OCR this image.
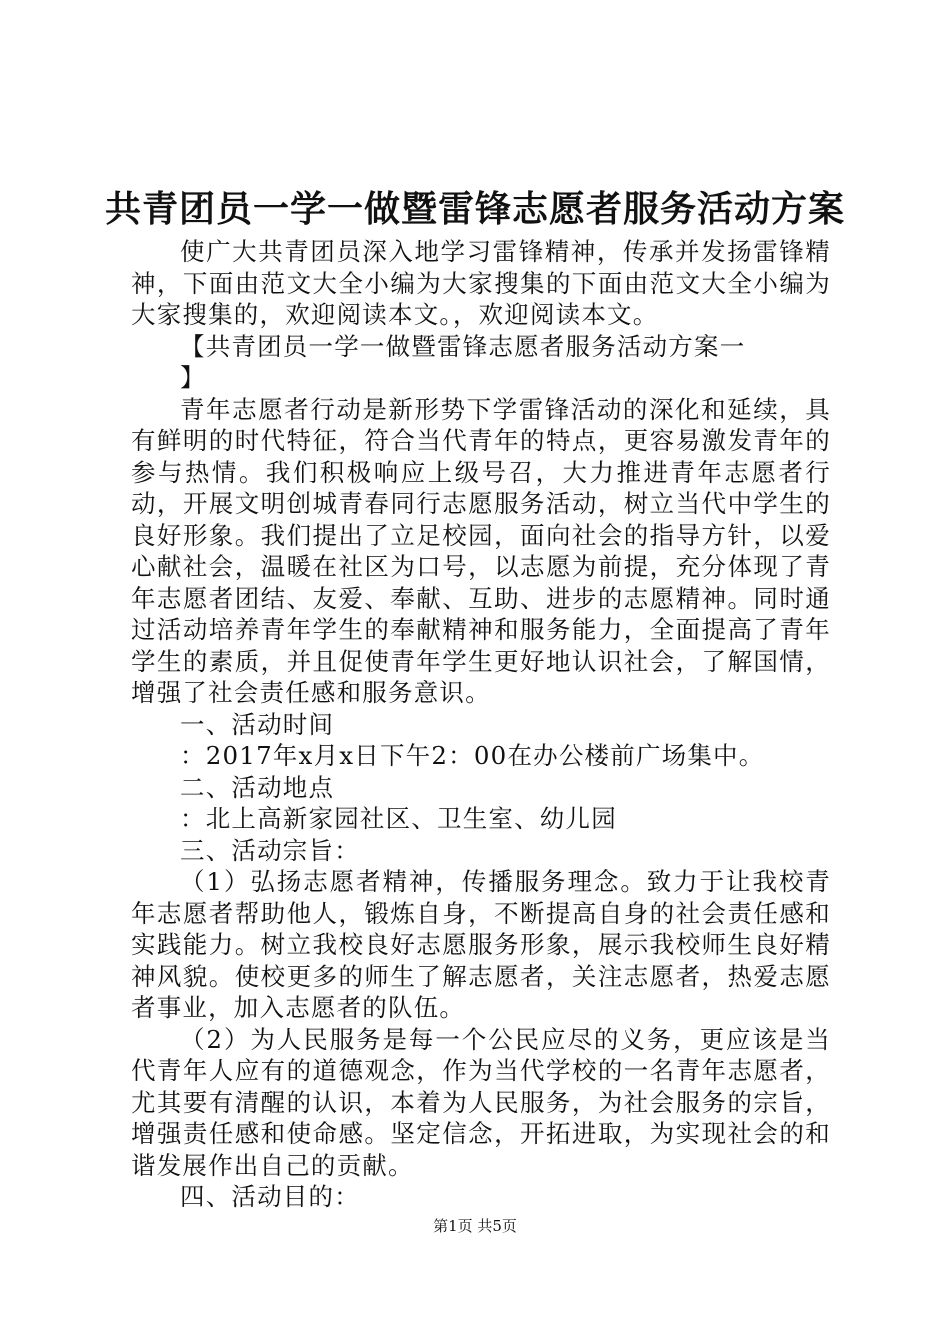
共青团员一学一做暨雷锋志愿者服务活动方案

使广大共青团员深入地学习雷锋精神，传承并发扬雷锋精神，下面由范文大全小编为大家搜集的下面由范文大全小编为大家搜集的，欢迎阅读本文。，欢迎阅读本文。

【共青团员一学一做暨雷锋志愿者服务活动方案一

】

青年志愿者行动是新形势下学雷锋活动的深化和延续，具有鲜明的时代特征，符合当代青年的特点，更容易激发青年的参与热情。我们积极响应上级号召，大力推进青年志愿者行动，开展文明创城青春同行志愿服务活动，树立当代中学生的良好形象。我们提出了立足校园，面向社会的指导方针，以爱心献社会，温暖在社区为口号，以志愿为前提，充分体现了青年志愿者团结、友爱、奉献、互助、进步的志愿精神。同时通过活动培养青年学生的奉献精神和服务能力，全面提高了青年学生的素质，并且促使青年学生更好地认识社会，了解国情，增强了社会责任感和服务意识。

一、活动时间

：2017年x月x日下午2：00在办公楼前广场集中。

二、活动地点

：北上高新家园社区、卫生室、幼儿园

三、活动宗旨：

（1）弘扬志愿者精神，传播服务理念。致力于让我校青年志愿者帮助他人，锻炼自身，不断提高自身的社会责任感和实践能力。树立我校良好志愿服务形象，展示我校师生良好精神风貌。使校更多的师生了解志愿者，关注志愿者，热爱志愿者事业，加入志愿者的队伍。

（2）为人民服务是每一个公民应尽的义务，更应该是当代青年人应有的道德观念，作为当代学校的一名青年志愿者，尤其要有清醒的认识，本着为人民服务，为社会服务的宗旨，增强责任感和使命感。坚定信念，开拓进取，为实现社会的和谐发展作出自己的贡献。

四、活动目的：

第1页 共5页
